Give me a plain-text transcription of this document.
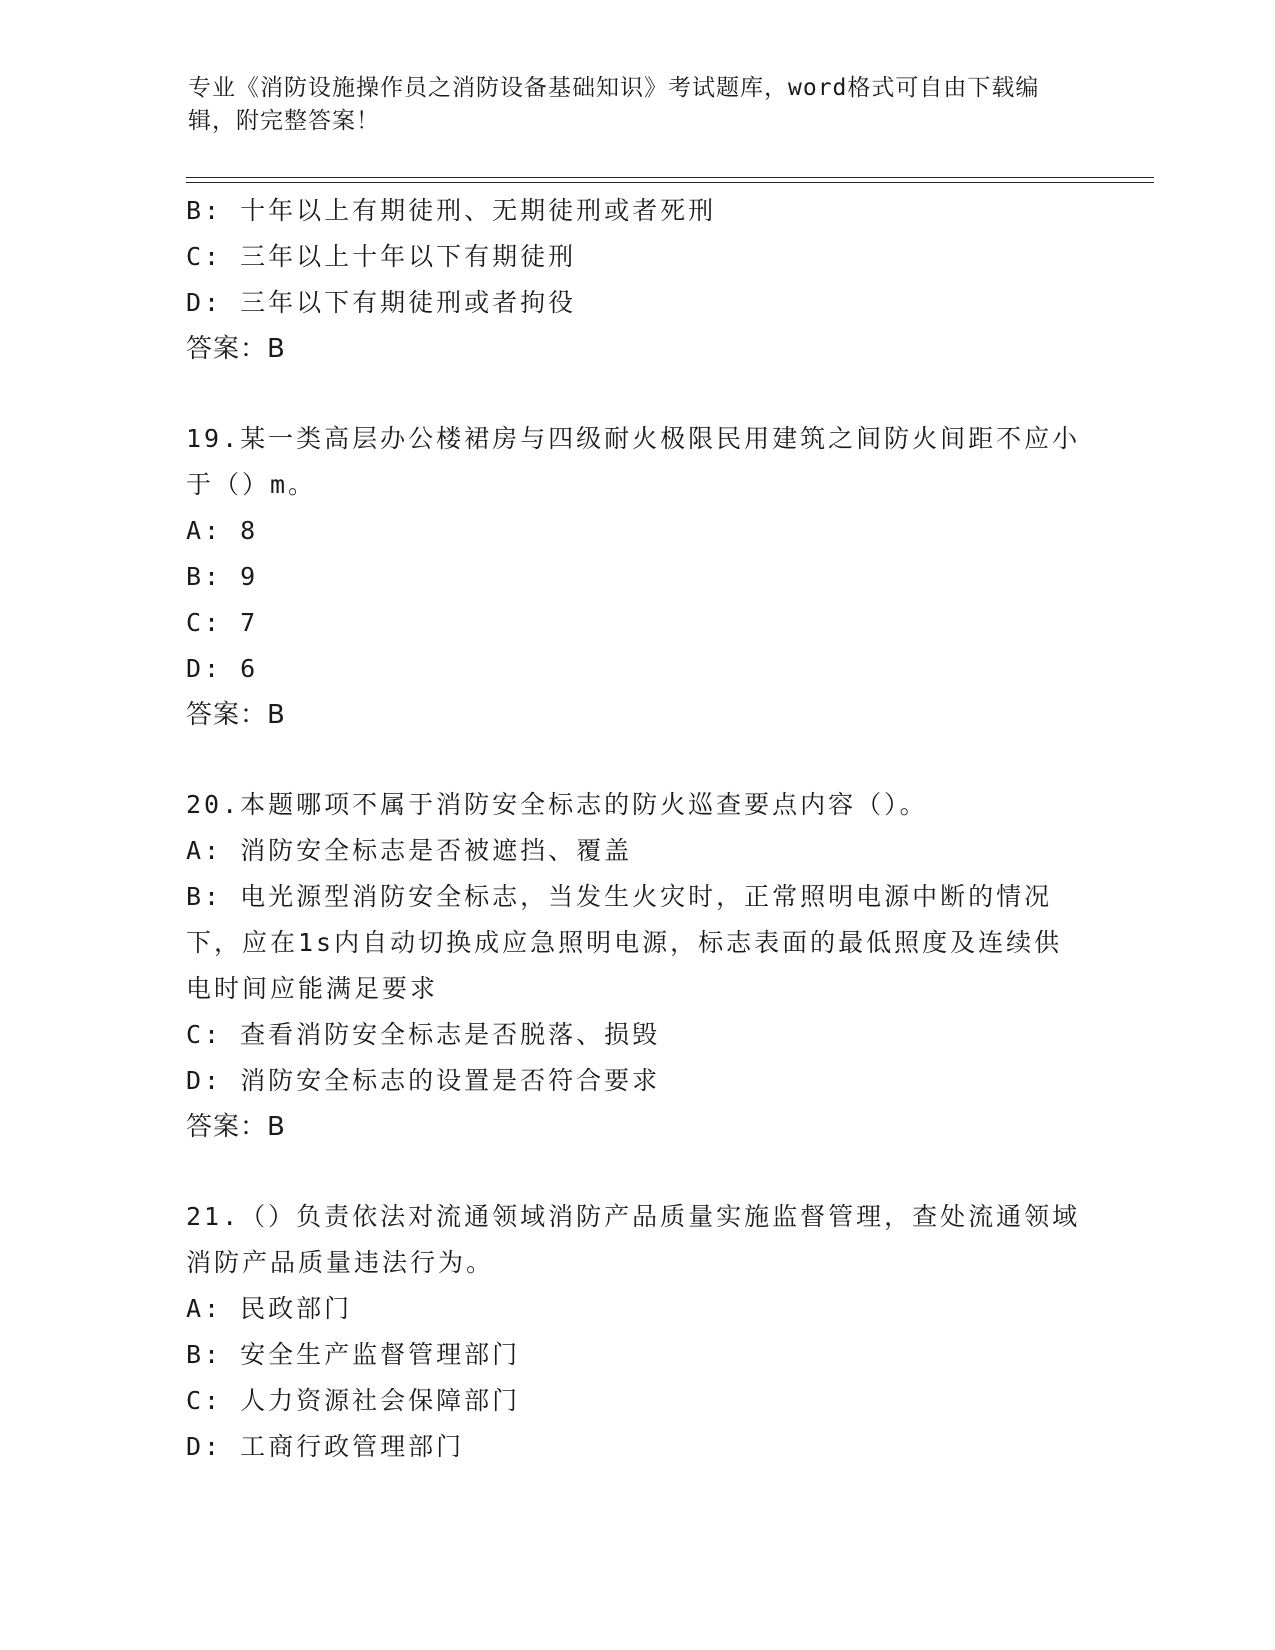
专业《消防设施操作员之消防设备基础知识》考试题库，word格式可自由下载编辑，附完整答案！
B: 十年以上有期徒刑、无期徒刑或者死刑
C: 三年以上十年以下有期徒刑
D: 三年以下有期徒刑或者拘役
答案：B
19.某一类高层办公楼裙房与四级耐火极限民用建筑之间防火间距不应小于（）m。
A: 8
B: 9
C: 7
D: 6
答案：B
20.本题哪项不属于消防安全标志的防火巡查要点内容（）。
A: 消防安全标志是否被遮挡、覆盖
B: 电光源型消防安全标志，当发生火灾时，正常照明电源中断的情况下，应在1s内自动切换成应急照明电源，标志表面的最低照度及连续供电时间应能满足要求
C: 查看消防安全标志是否脱落、损毁
D: 消防安全标志的设置是否符合要求
答案：B
21.（）负责依法对流通领域消防产品质量实施监督管理，查处流通领域消防产品质量违法行为。
A: 民政部门
B: 安全生产监督管理部门
C: 人力资源社会保障部门
D: 工商行政管理部门
